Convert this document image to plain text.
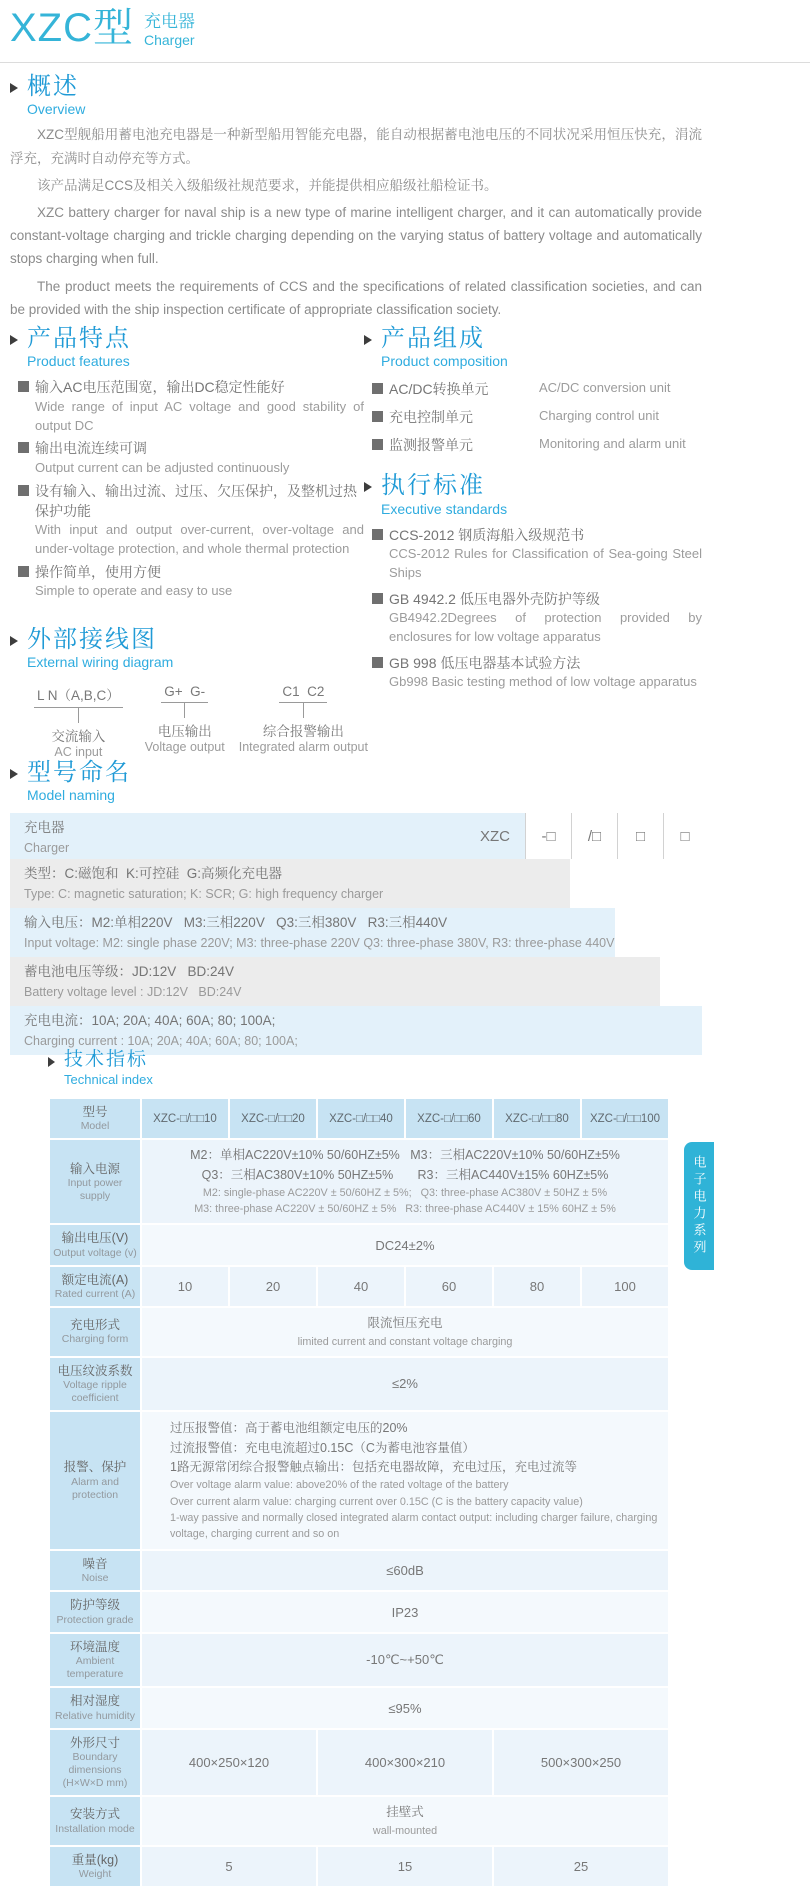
XZC型 充电器
Charger
概述
Overview

XZC型舰船用蓄电池充电器是一种新型船用智能充电器，能自动根据蓄电池电压的不同状况采用恒压快充，涓流浮充，充满时自动停充等方式。

该产品满足CCS及相关入级船级社规范要求，并能提供相应船级社船检证书。

XZC battery charger for naval ship is a new type of marine intelligent charger, and it can automatically provide constant-voltage charging and trickle charging depending on the varying status of battery voltage and automatically stops charging when full.

The product meets the requirements of CCS and the specifications of related classification societies, and can be provided with the ship inspection certificate of appropriate classification society.

产品特点
Product features
输入AC电压范围宽，输出DC稳定性能好
Wide range of input AC voltage and good stability of output DC
输出电流连续可调
Output current can be adjusted continuously
设有输入、输出过流、过压、欠压保护，及整机过热保护功能
With input and output over-current, over-voltage and under-voltage protection, and whole thermal protection
操作简单，使用方便
Simple to operate and easy to use
外部接线图
External wiring diagram
L N（A,B,C）
交流输入
AC input
G+  G-
电压输出
Voltage output
C1  C2
综合报警输出
Integrated alarm output
产品组成
Product composition
AC/DC转换单元	AC/DC conversion unit
充电控制单元	Charging control unit
监测报警单元	Monitoring and alarm unit
执行标准
Executive standards
CCS-2012 钢质海船入级规范书
CCS-2012 Rules for Classification of Sea-going Steel Ships
GB 4942.2 低压电器外壳防护等级
GB4942.2Degrees of protection provided by enclosures for low voltage apparatus
GB 998 低压电器基本试验方法
Gb998 Basic testing method of low voltage apparatus
型号命名
Model naming
充电器
Charger
XZC	-□	/□	□	□
类型：C:磁饱和  K:可控硅  G:高频化充电器
Type: C: magnetic saturation; K: SCR; G: high frequency charger
输入电压：M2:单相220V   M3:三相220V   Q3:三相380V   R3:三相440V
Input voltage: M2: single phase 220V; M3: three-phase 220V Q3: three-phase 380V, R3: three-phase 440V
蓄电池电压等级：JD:12V   BD:24V
Battery voltage level : JD:12V   BD:24V
充电电流：10A; 20A; 40A; 60A; 80; 100A;
Charging current : 10A; 20A; 40A; 60A; 80; 100A;
技术指标
Technical index
型号
Model	XZC-□/□□10	XZC-□/□□20	XZC-□/□□40	XZC-□/□□60	XZC-□/□□80	XZC-□/□□100

输入电源
Input power supply	M2：单相AC220V±10% 50/60HZ±5%   M3：三相AC220V±10% 50/60HZ±5%
Q3：三相AC380V±10% 50HZ±5%       R3：三相AC440V±15% 60HZ±5%
M2: single-phase AC220V ± 50/60HZ ± 5%;   Q3: three-phase AC380V ± 50HZ ± 5%
M3: three-phase AC220V ± 50/60HZ ± 5%   R3: three-phase AC440V ± 15% 60HZ ± 5%					

输出电压(V)
Output voltage (v)	DC24±2%					

额定电流(A)
Rated current (A)	10	20	40	60	80	100

充电形式
Charging form	限流恒压充电
limited current and constant voltage charging					

电压纹波系数
Voltage ripple coefficient	≤2%					

报警、保护
Alarm and protection

过压报警值：高于蓄电池组额定电压的20%
过流报警值：充电电流超过0.15C（C为蓄电池容量值）
1路无源常闭综合报警触点输出：包括充电器故障，充电过压，充电过流等
Over voltage alarm value: above20% of the rated voltage of the battery
Over current alarm value: charging current over 0.15C (C is the battery capacity value)
1-way passive and normally closed integrated alarm contact output: including charger failure, charging voltage, charging current and so on

噪音
Noise	≤60dB					

防护等级
Protection grade	IP23					

环境温度
Ambient temperature	-10℃~+50℃					

相对湿度
Relative humidity	≤95%					

外形尺寸
Boundary dimensions
(H×W×D mm)	400×250×120		400×300×210		500×300×250	

安装方式
Installation mode	挂壁式
wall-mounted					

重量(kg)
Weight	5		15		25	
电子电力系列
